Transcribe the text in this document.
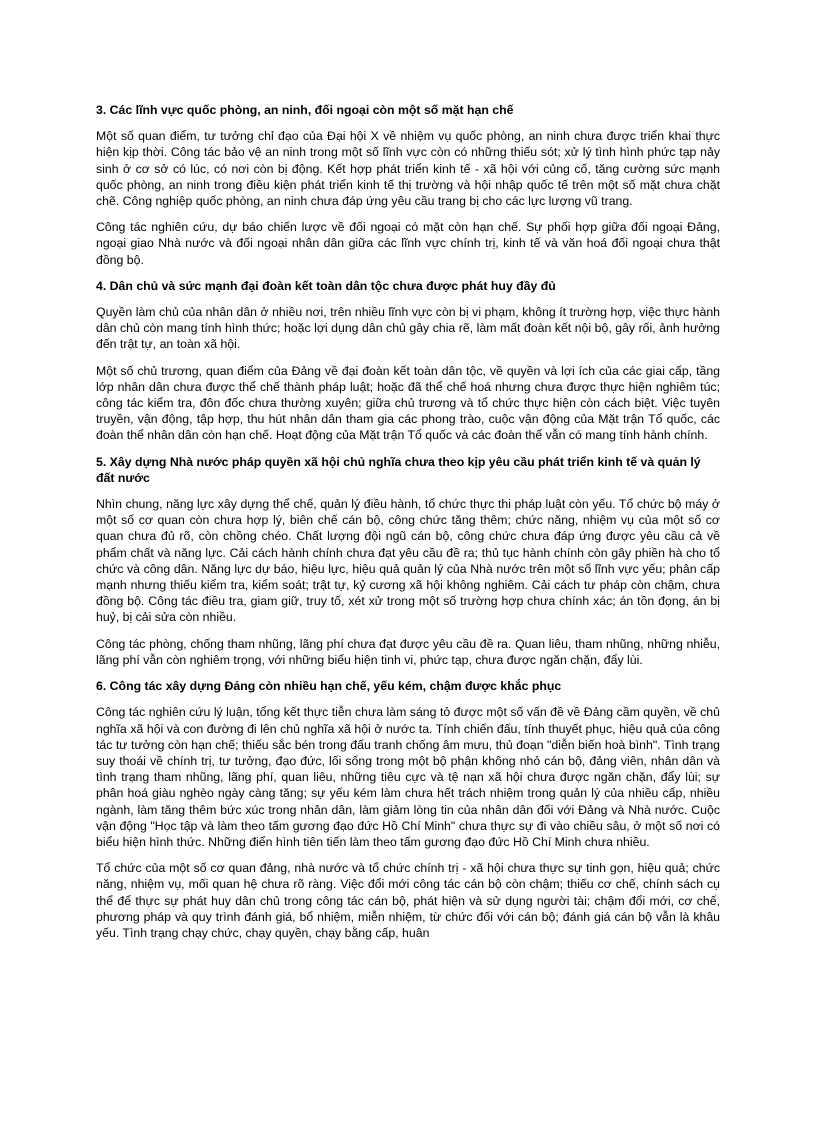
3. Các lĩnh vực quốc phòng, an ninh, đối ngoại còn một số mặt hạn chế

Một số quan điểm, tư tưởng chỉ đạo của Đại hội X về nhiệm vụ quốc phòng, an ninh chưa được triển khai thực hiện kịp thời. Công tác bảo vệ an ninh trong một số lĩnh vực còn có những thiếu sót; xử lý tình hình phức tạp nảy sinh ở cơ sở có lúc, có nơi còn bị động. Kết hợp phát triển kinh tế - xã hội với củng cố, tăng cường sức mạnh quốc phòng, an ninh trong điều kiện phát triển kinh tế thị trường và hội nhập quốc tế trên một số mặt chưa chặt chẽ. Công nghiệp quốc phòng, an ninh chưa đáp ứng yêu cầu trang bị cho các lực lượng vũ trang.

Công tác nghiên cứu, dự báo chiến lược về đối ngoại có mặt còn hạn chế. Sự phối hợp giữa đối ngoại Đảng, ngoại giao Nhà nước và đối ngoại nhân dân giữa các lĩnh vực chính trị, kinh tế và văn hoá đối ngoại chưa thật đồng bộ.

4. Dân chủ và sức mạnh đại đoàn kết toàn dân tộc chưa được phát huy đầy đủ

Quyền làm chủ của nhân dân ở nhiều nơi, trên nhiều lĩnh vực còn bị vi phạm, không ít trường hợp, việc thực hành dân chủ còn mang tính hình thức; hoặc lợi dụng dân chủ gây chia rẽ, làm mất đoàn kết nội bộ, gây rối, ảnh hưởng đến trật tự, an toàn xã hội.

Một số chủ trương, quan điểm của Đảng về đại đoàn kết toàn dân tộc, về quyền và lợi ích của các giai cấp, tầng lớp nhân dân chưa được thể chế thành pháp luật; hoặc đã thể chế hoá nhưng chưa được thực hiện nghiêm túc; công tác kiểm tra, đôn đốc chưa thường xuyên; giữa chủ trương và tổ chức thực hiện còn cách biệt. Việc tuyên truyền, vận động, tập hợp, thu hút nhân dân tham gia các phong trào, cuộc vận động của Mặt trận Tổ quốc, các đoàn thể nhân dân còn hạn chế. Hoạt động của Mặt trận Tổ quốc và các đoàn thể vẫn có mang tính hành chính.

5. Xây dựng Nhà nước pháp quyền xã hội chủ nghĩa chưa theo kịp yêu cầu phát triển kinh tế và quản lý đất nước

Nhìn chung, năng lực xây dựng thể chế, quản lý điều hành, tổ chức thực thi pháp luật còn yếu. Tổ chức bộ máy ở một số cơ quan còn chưa hợp lý, biên chế cán bộ, công chức tăng thêm; chức năng, nhiệm vụ của một số cơ quan chưa đủ rõ, còn chồng chéo. Chất lượng đội ngũ cán bộ, công chức chưa đáp ứng được yêu cầu cả về phẩm chất và năng lực. Cải cách hành chính chưa đạt yêu cầu đề ra; thủ tục hành chính còn gây phiền hà cho tổ chức và công dân. Năng lực dự báo, hiệu lực, hiệu quả quản lý của Nhà nước trên một số lĩnh vực yếu; phân cấp mạnh nhưng thiếu kiểm tra, kiểm soát; trật tự, kỷ cương xã hội không nghiêm. Cải cách tư pháp còn chậm, chưa đồng bộ. Công tác điều tra, giam giữ, truy tố, xét xử trong một số trường hợp chưa chính xác; án tồn đọng, án bị huỷ, bị cải sửa còn nhiều.

Công tác phòng, chống tham nhũng, lãng phí chưa đạt được yêu cầu đề ra. Quan liêu, tham nhũng, những nhiễu, lãng phí vẫn còn nghiêm trọng, với những biểu hiện tinh vi, phức tạp, chưa được ngăn chặn, đẩy lùi.

6. Công tác xây dựng Đảng còn nhiều hạn chế, yếu kém, chậm được khắc phục

Công tác nghiên cứu lý luận, tổng kết thực tiễn chưa làm sáng tỏ được một số vấn đề về Đảng cầm quyền, về chủ nghĩa xã hội và con đường đi lên chủ nghĩa xã hội ở nước ta. Tính chiến đấu, tính thuyết phục, hiệu quả của công tác tư tưởng còn hạn chế; thiếu sắc bén trong đấu tranh chống âm mưu, thủ đoạn "diễn biến hoà bình". Tình trạng suy thoái về chính trị, tư tưởng, đạo đức, lối sống trong một bộ phận không nhỏ cán bộ, đảng viên, nhân dân và tình trạng tham nhũng, lãng phí, quan liêu, những tiêu cực và tệ nạn xã hội chưa được ngăn chặn, đẩy lùi; sự phân hoá giàu nghèo ngày càng tăng; sự yếu kém làm chưa hết trách nhiệm trong quản lý của nhiều cấp, nhiều ngành, làm tăng thêm bức xúc trong nhân dân, làm giảm lòng tin của nhân dân đối với Đảng và Nhà nước. Cuộc vận động "Học tập và làm theo tấm gương đạo đức Hồ Chí Minh" chưa thực sự đi vào chiều sâu, ở một số nơi có biểu hiện hình thức. Những điển hình tiên tiến làm theo tấm gương đạo đức Hồ Chí Minh chưa nhiều.

Tổ chức của một số cơ quan đảng, nhà nước và tổ chức chính trị - xã hội chưa thực sự tinh gọn, hiệu quả; chức năng, nhiệm vụ, mối quan hệ chưa rõ ràng. Việc đổi mới công tác cán bộ còn chậm; thiếu cơ chế, chính sách cụ thể để thực sự phát huy dân chủ trong công tác cán bộ, phát hiện và sử dụng người tài; chậm đổi mới, cơ chế, phương pháp và quy trình đánh giá, bổ nhiệm, miễn nhiệm, từ chức đối với cán bộ; đánh giá cán bộ vẫn là khâu yếu. Tình trạng chạy chức, chạy quyền, chạy bằng cấp, huân
